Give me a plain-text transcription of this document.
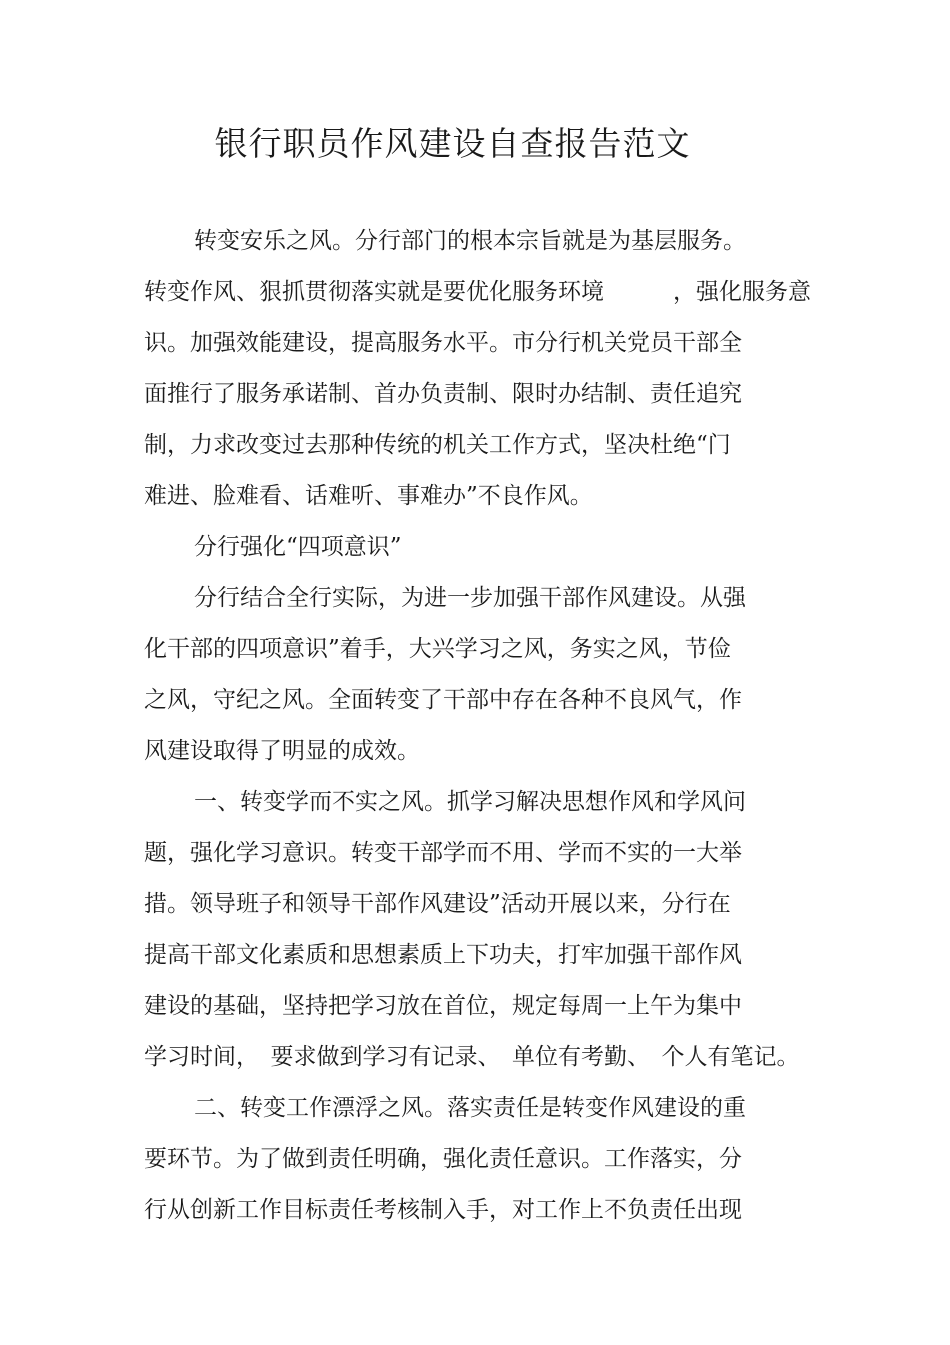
银行职员作风建设自查报告范文
转变安乐之风。分行部门的根本宗旨就是为基层服务。
转变作风、狠抓贯彻落实就是要优化服务环境　　　，强化服务意
识。加强效能建设，提高服务水平。市分行机关党员干部全
面推行了服务承诺制、首办负责制、限时办结制、责任追究
制，力求改变过去那种传统的机关工作方式，坚决杜绝“门
难进、脸难看、话难听、事难办”不良作风。
分行强化“四项意识”
分行结合全行实际，为进一步加强干部作风建设。从强
化干部的四项意识”着手，大兴学习之风，务实之风，节俭
之风，守纪之风。全面转变了干部中存在各种不良风气，作
风建设取得了明显的成效。
一、转变学而不实之风。抓学习解决思想作风和学风问
题，强化学习意识。转变干部学而不用、学而不实的一大举
措。领导班子和领导干部作风建设”活动开展以来，分行在
提高干部文化素质和思想素质上下功夫，打牢加强干部作风
建设的基础，坚持把学习放在首位，规定每周一上午为集中
学习时间，　要求做到学习有记录、　单位有考勤、　个人有笔记。
二、转变工作漂浮之风。落实责任是转变作风建设的重
要环节。为了做到责任明确，强化责任意识。工作落实，分
行从创新工作目标责任考核制入手，对工作上不负责任出现
